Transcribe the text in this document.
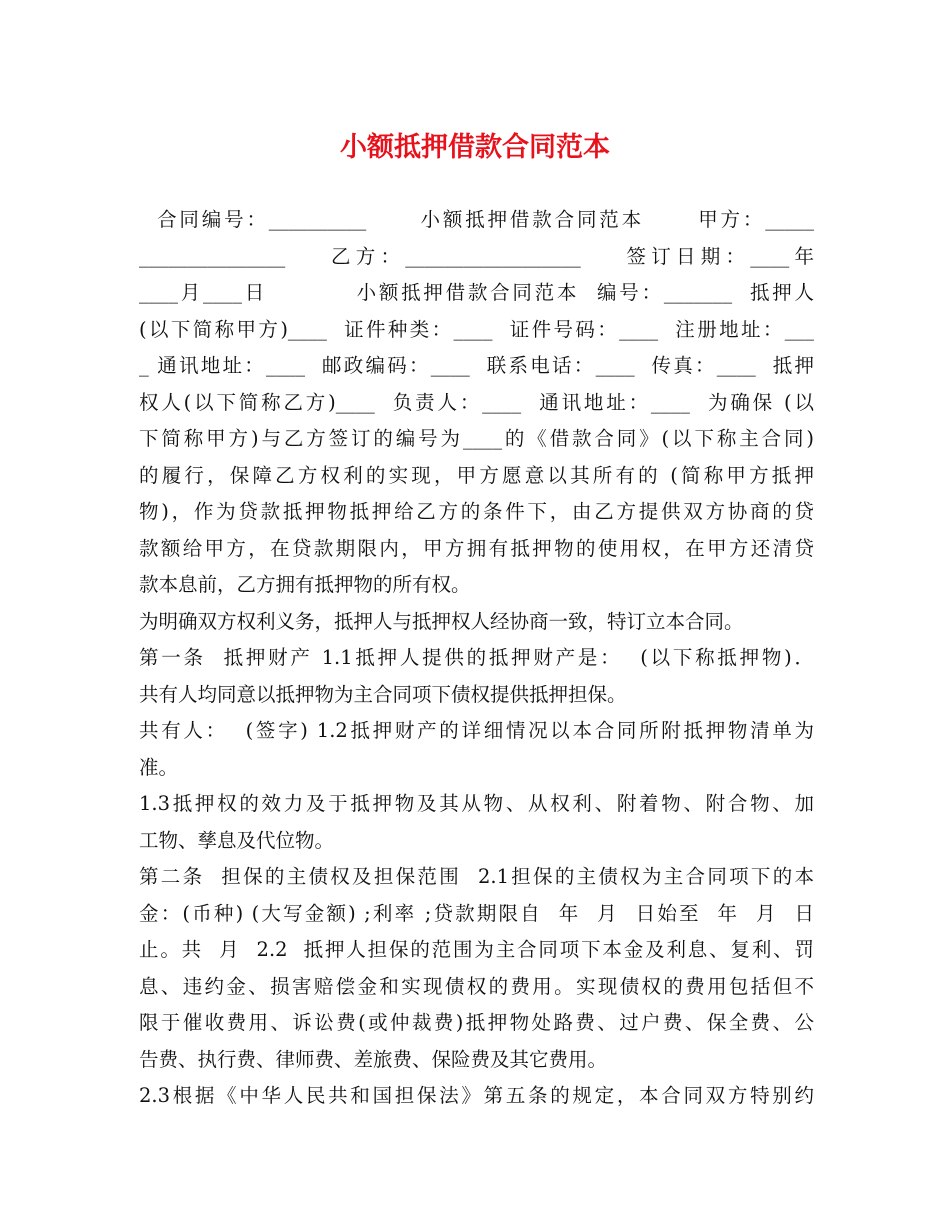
小额抵押借款合同范本
合同编号：__________      小额抵押借款合同范本      甲方：_____
_______________    乙方：__________________    签订日期：____年
____月____日          小额抵押借款合同范本  编号：_______  抵押人
(以下简称甲方)____  证件种类：____  证件号码：____  注册地址：___
_ 通讯地址：____  邮政编码：____  联系电话：____  传真：____  抵押
权人(以下简称乙方)____  负责人：____  通讯地址：____  为确保 (以
下简称甲方)与乙方签订的编号为____的《借款合同》(以下称主合同)
的履行，保障乙方权利的实现，甲方愿意以其所有的 (简称甲方抵押
物)，作为贷款抵押物抵押给乙方的条件下，由乙方提供双方协商的贷
款额给甲方，在贷款期限内，甲方拥有抵押物的使用权，在甲方还清贷
款本息前，乙方拥有抵押物的所有权。
为明确双方权利义务，抵押人与抵押权人经协商一致，特订立本合同。
第一条  抵押财产 1.1抵押人提供的抵押财产是：  (以下称抵押物)．
共有人均同意以抵押物为主合同项下债权提供抵押担保。
共有人：  (签字) 1.2抵押财产的详细情况以本合同所附抵押物清单为
准。
1.3抵押权的效力及于抵押物及其从物、从权利、附着物、附合物、加
工物、孳息及代位物。
第二条  担保的主债权及担保范围  2.1担保的主债权为主合同项下的本
金：(币种) (大写金额) ;利率 ;贷款期限自  年  月  日始至  年  月  日
止。共  月  2.2  抵押人担保的范围为主合同项下本金及利息、复利、罚
息、违约金、损害赔偿金和实现债权的费用。实现债权的费用包括但不
限于催收费用、诉讼费(或仲裁费)抵押物处路费、过户费、保全费、公
告费、执行费、律师费、差旅费、保险费及其它费用。
2.3根据《中华人民共和国担保法》第五条的规定，本合同双方特别约
